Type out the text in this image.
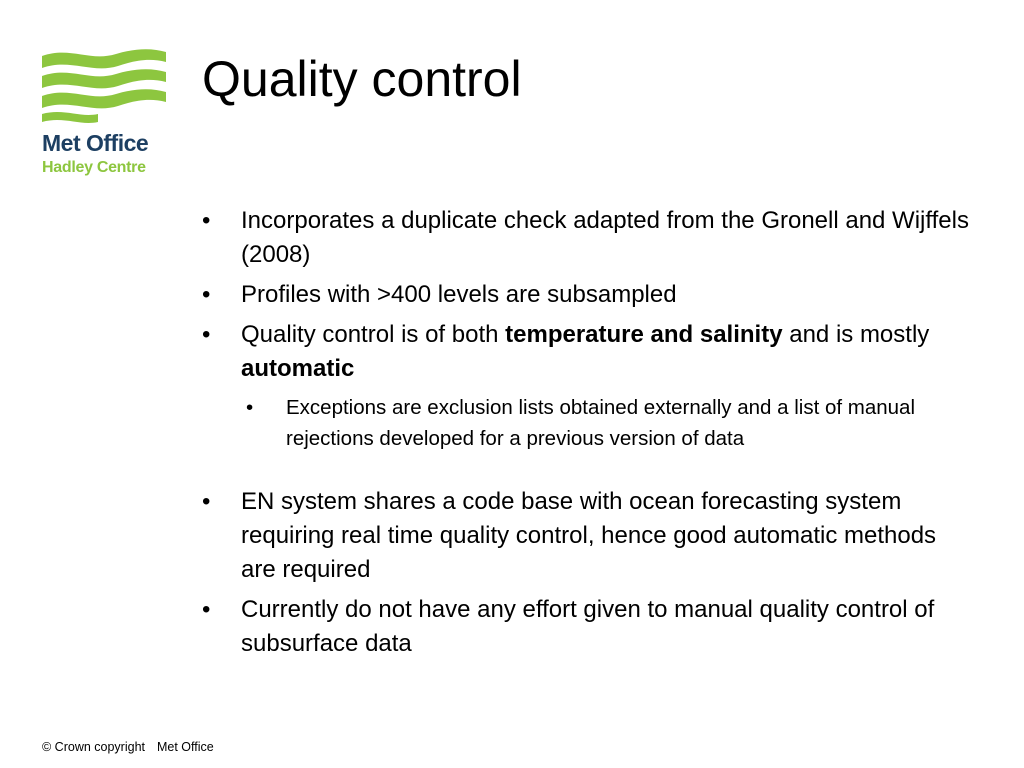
Met Office
Hadley Centre
Quality control
• Incorporates a duplicate check adapted from the Gronell and Wijffels (2008)
• Profiles with >400 levels are subsampled
• Quality control is of both temperature and salinity and is mostly automatic
• Exceptions are exclusion lists obtained externally and a list of manual rejections developed for a previous version of data
• EN system shares a code base with ocean forecasting system requiring real time quality control, hence good automatic methods are required
• Currently do not have any effort given to manual quality control of subsurface data
© Crown copyright Met Office
